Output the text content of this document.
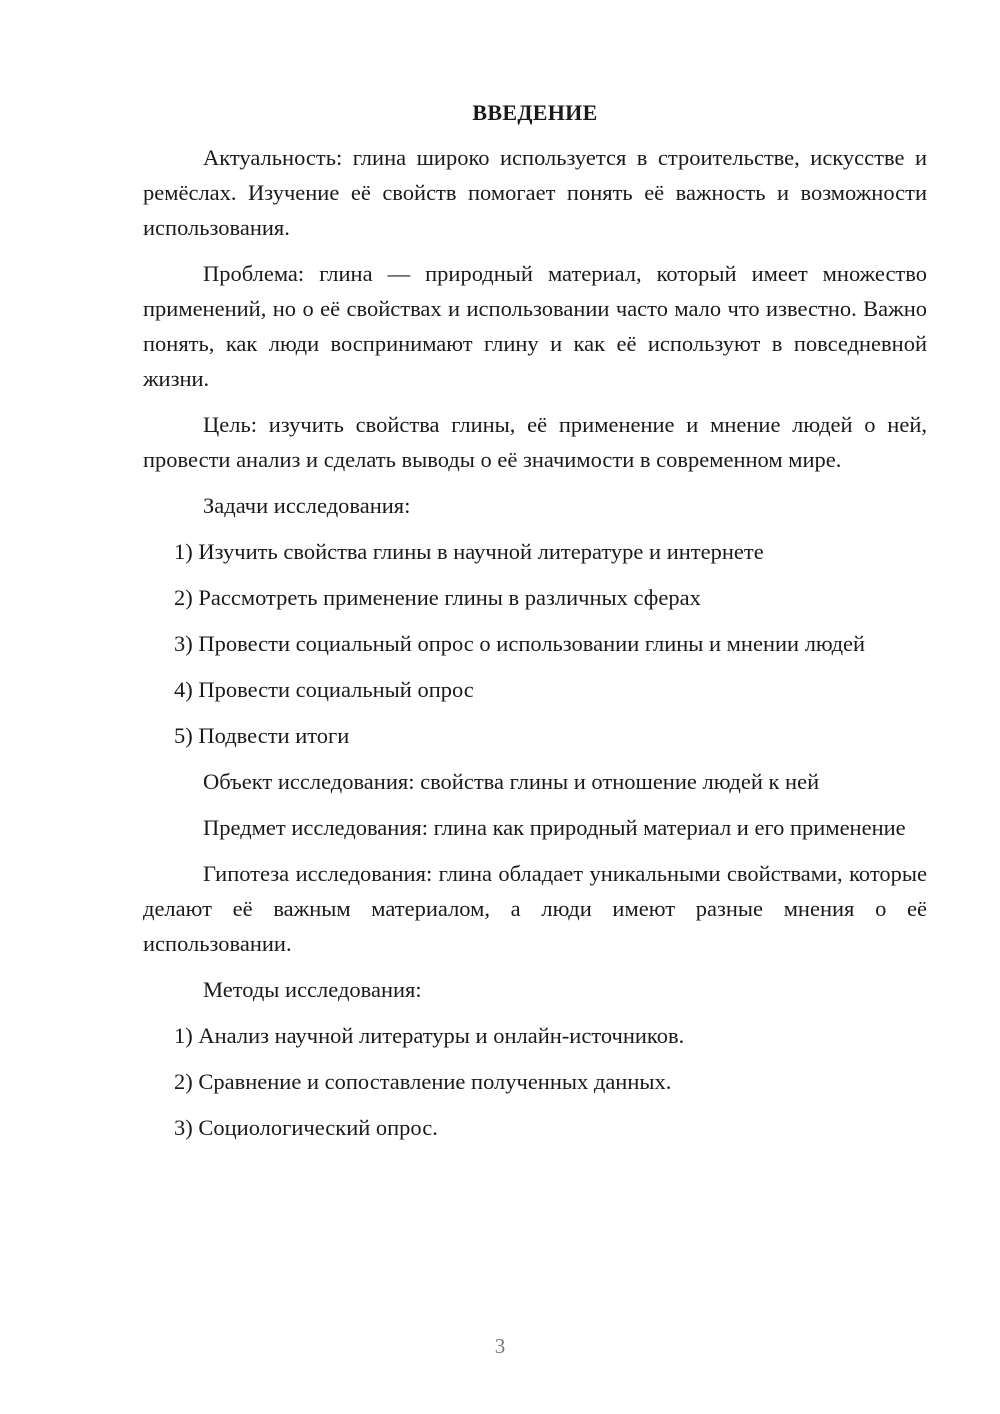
ВВЕДЕНИЕ

Актуальность: глина широко используется в строительстве, искусстве и ремёслах. Изучение её свойств помогает понять её важность и возможности использования.

Проблема: глина — природный материал, который имеет множество применений, но о её свойствах и использовании часто мало что известно. Важно понять, как люди воспринимают глину и как её используют в повседневной жизни.

Цель: изучить свойства глины, её применение и мнение людей о ней, провести анализ и сделать выводы о её значимости в современном мире.

Задачи исследования:

1) Изучить свойства глины в научной литературе и интернете

2) Рассмотреть применение глины в различных сферах

3) Провести социальный опрос о использовании глины и мнении людей

4) Провести социальный опрос

5) Подвести итоги

Объект исследования: свойства глины и отношение людей к ней

Предмет исследования: глина как природный материал и его применение

Гипотеза исследования: глина обладает уникальными свойствами, которые делают её важным материалом, а люди имеют разные мнения о её использовании.

Методы исследования:

1) Анализ научной литературы и онлайн-источников.

2) Сравнение и сопоставление полученных данных.

3) Социологический опрос.

3
